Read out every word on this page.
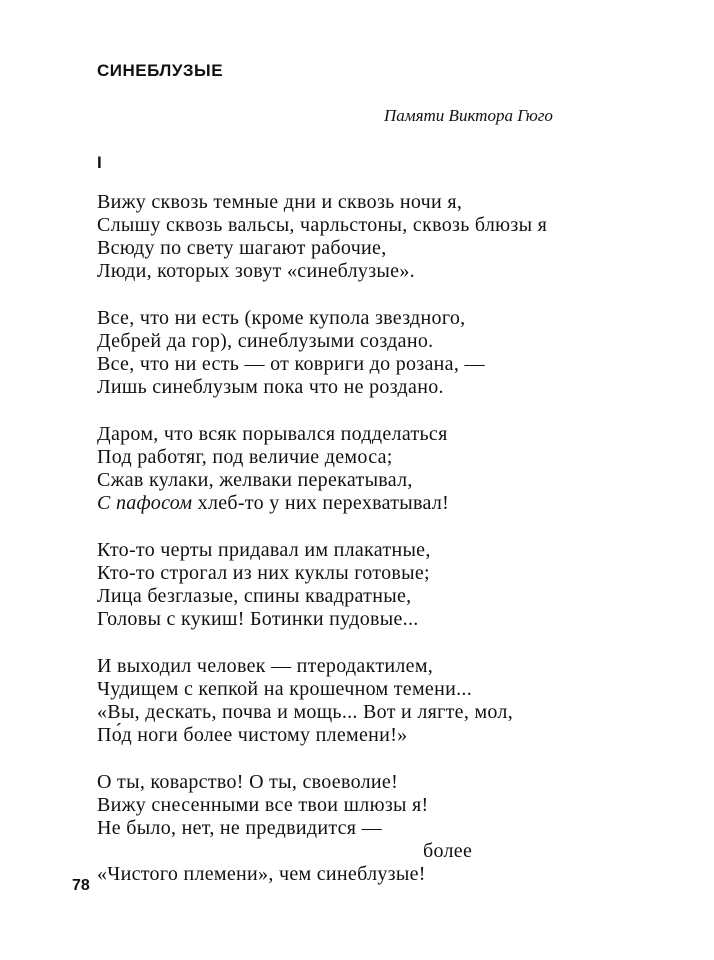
СИНЕБЛУЗЫЕ
Памяти Виктора Гюго
I
Вижу сквозь темные дни и сквозь ночи я,
Слышу сквозь вальсы, чарльстоны, сквозь блюзы я
Всюду по свету шагают рабочие,
Люди, которых зовут «синеблузые».
Все, что ни есть (кроме купола звездного,
Дебрей да гор), синеблузыми создано.
Все, что ни есть — от ковриги до розана, —
Лишь синеблузым пока что не роздано.
Даром, что всяк порывался подделаться
Под работяг, под величие демоса;
Сжав кулаки, желваки перекатывал,
С пафосом хлеб-то у них перехватывал!
Кто-то черты придавал им плакатные,
Кто-то строгал из них куклы готовые;
Лица безглазые, спины квадратные,
Головы с кукиш! Ботинки пудовые...
И выходил человек — птеродактилем,
Чудищем с кепкой на крошечном темени...
«Вы, дескать, почва и мощь... Вот и лягте, мол,
По́д ноги более чистому племени!»
О ты, коварство! О ты, своеволие!
Вижу снесенными все твои шлюзы я!
Не было, нет, не предвидится —
более
«Чистого племени», чем синеблузые!
78
